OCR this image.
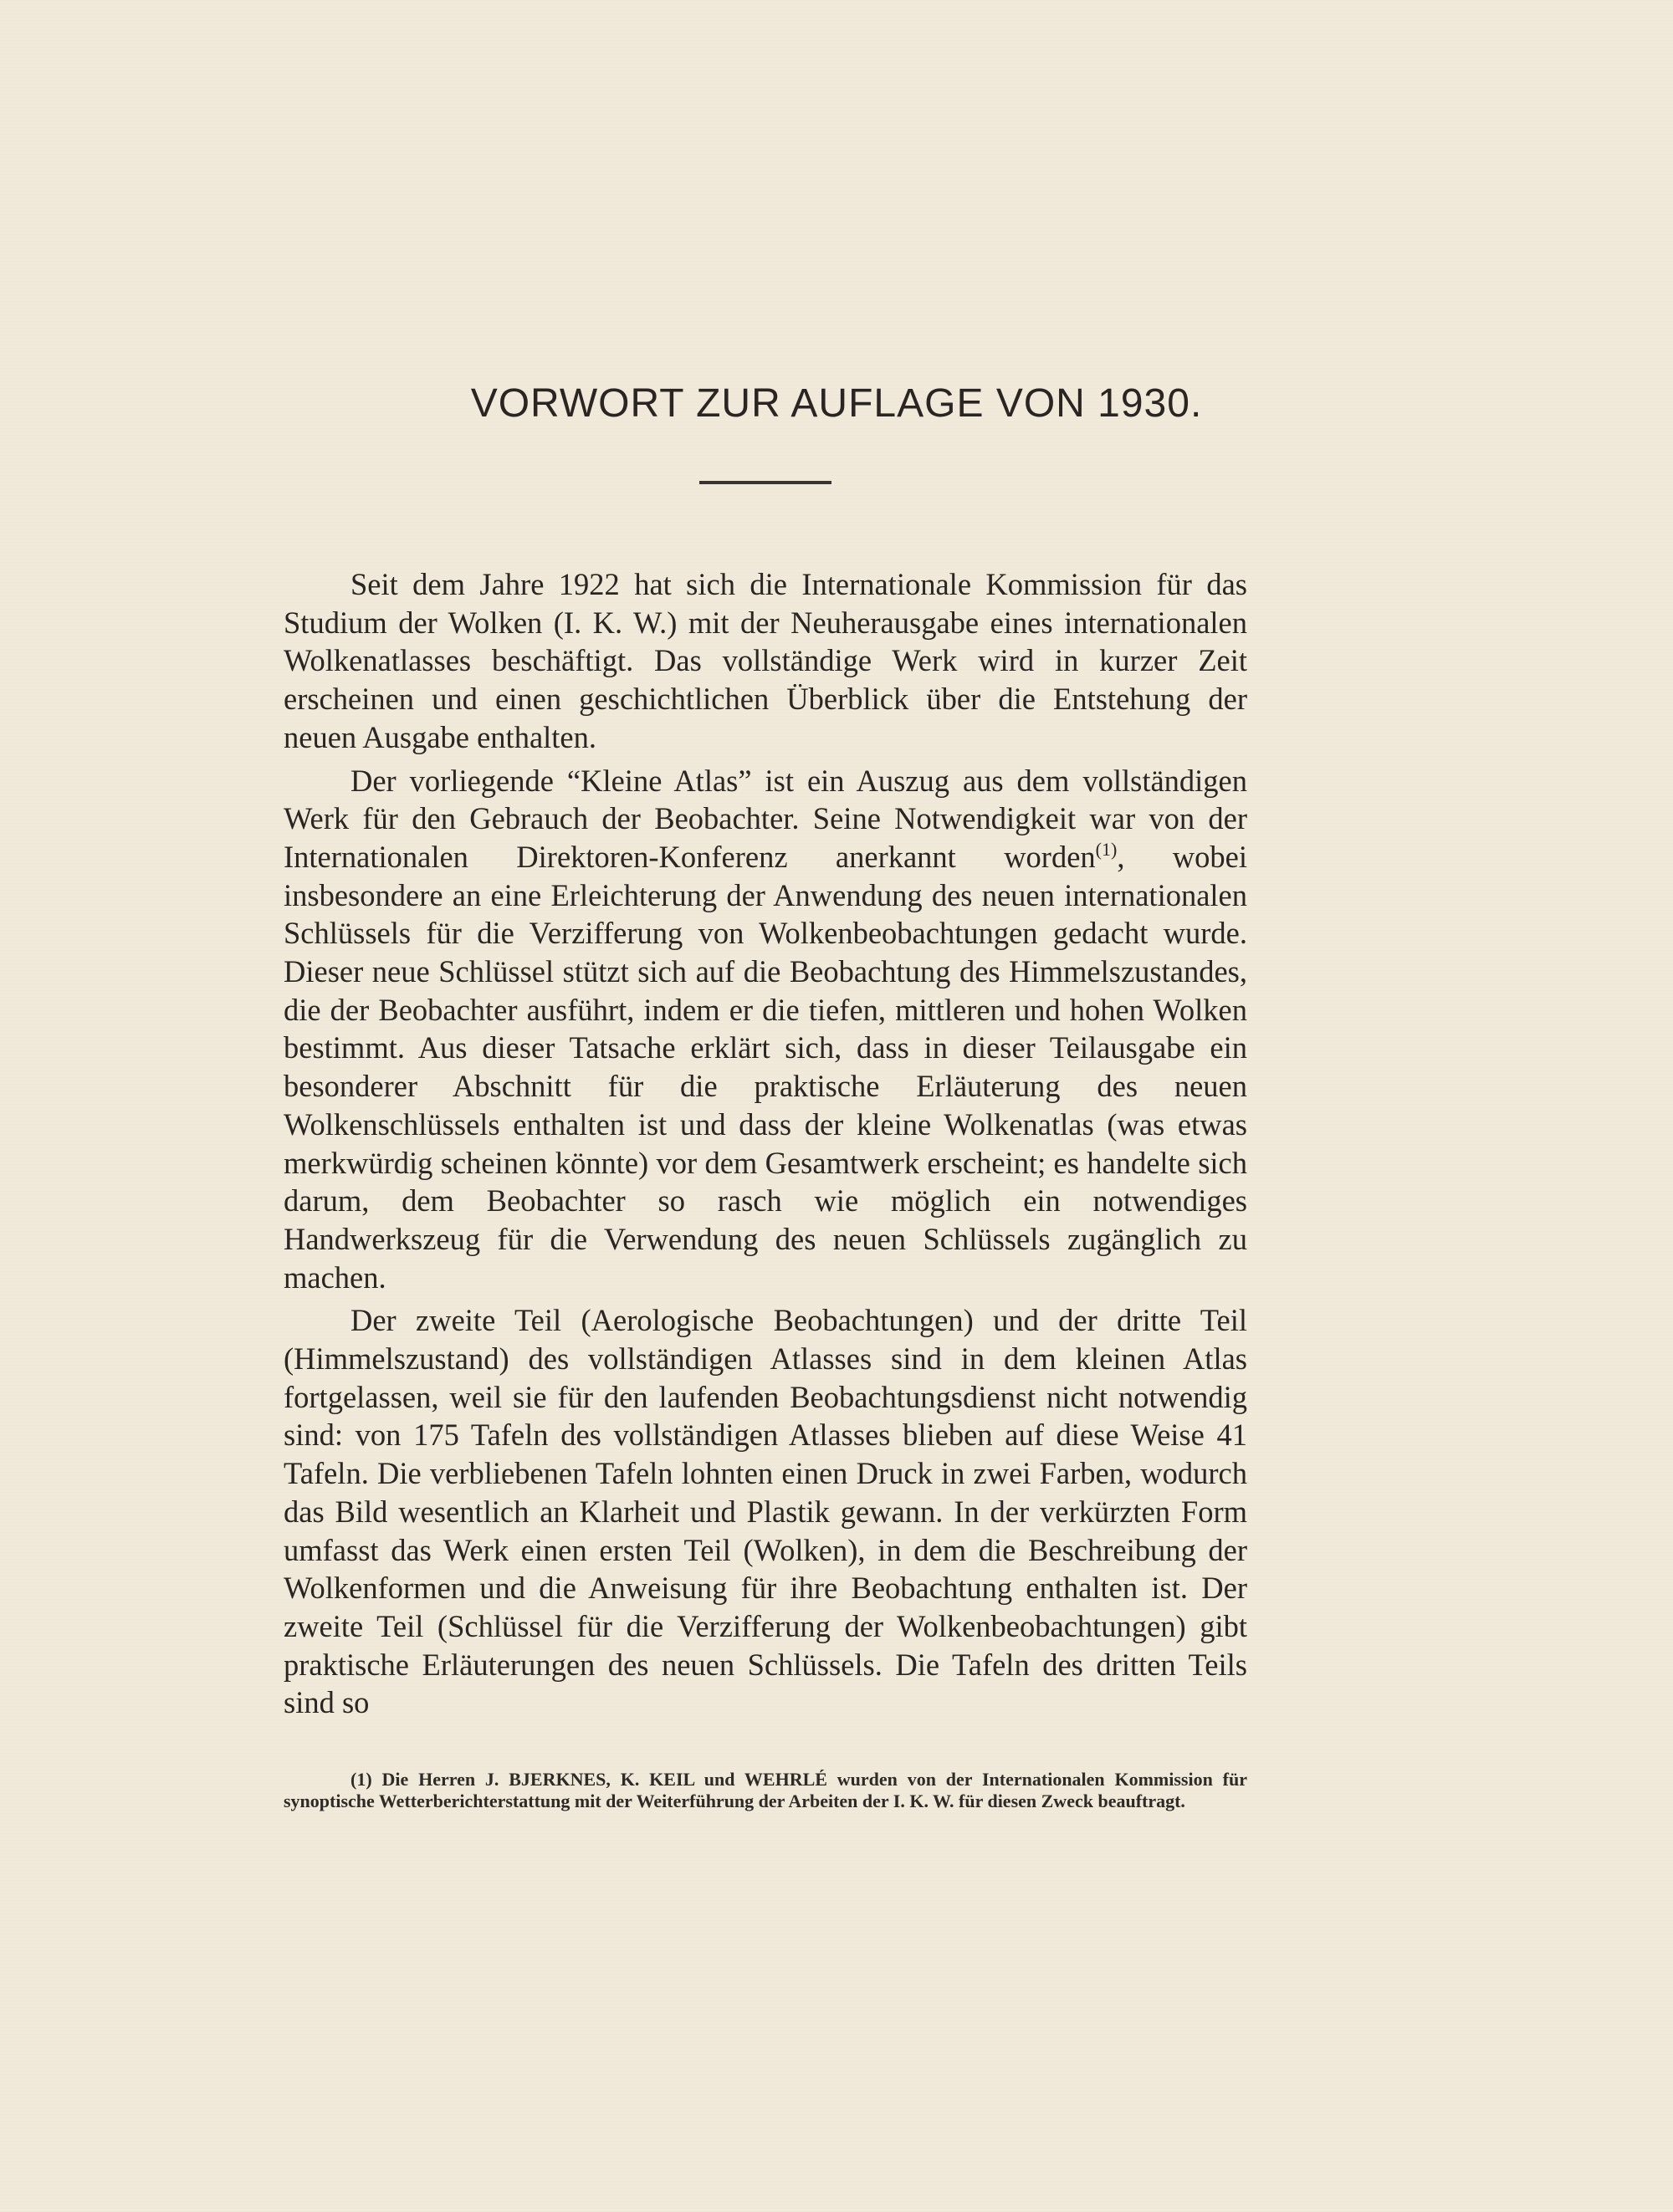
VORWORT ZUR AUFLAGE VON 1930.

Seit dem Jahre 1922 hat sich die Internationale Kommission für das Studium der Wolken (I. K. W.) mit der Neuherausgabe eines internationalen Wolkenatlasses beschäftigt. Das vollständige Werk wird in kurzer Zeit erscheinen und einen geschichtlichen Überblick über die Entstehung der neuen Ausgabe enthalten.

Der vorliegende “Kleine Atlas” ist ein Auszug aus dem vollständigen Werk für den Gebrauch der Beobachter. Seine Notwendigkeit war von der Internationalen Direktoren-Konferenz anerkannt worden$^{(1)}$, wobei insbesondere an eine Erleichterung der Anwendung des neuen internationalen Schlüssels für die Verzifferung von Wolkenbeobachtungen gedacht wurde. Dieser neue Schlüssel stützt sich auf die Beobachtung des Himmelszustandes, die der Beobachter ausführt, indem er die tiefen, mittleren und hohen Wolken bestimmt. Aus dieser Tatsache erklärt sich, dass in dieser Teilausgabe ein besonderer Abschnitt für die praktische Erläuterung des neuen Wolkenschlüssels enthalten ist und dass der kleine Wolkenatlas (was etwas merkwürdig scheinen könnte) vor dem Gesamtwerk erscheint; es handelte sich darum, dem Beobachter so rasch wie möglich ein notwendiges Handwerkszeug für die Verwendung des neuen Schlüssels zugänglich zu machen.

Der zweite Teil (Aerologische Beobachtungen) und der dritte Teil (Himmelszustand) des vollständigen Atlasses sind in dem kleinen Atlas fortgelassen, weil sie für den laufenden Beobachtungsdienst nicht notwendig sind: von 175 Tafeln des vollständigen Atlasses blieben auf diese Weise 41 Tafeln. Die verbliebenen Tafeln lohnten einen Druck in zwei Farben, wodurch das Bild wesentlich an Klarheit und Plastik gewann. In der verkürzten Form umfasst das Werk einen ersten Teil (Wolken), in dem die Beschreibung der Wolkenformen und die Anweisung für ihre Beobachtung enthalten ist. Der zweite Teil (Schlüssel für die Verzifferung der Wolkenbeobachtungen) gibt praktische Erläuterungen des neuen Schlüssels. Die Tafeln des dritten Teils sind so

(1) Die Herren J. BJERKNES, K. KEIL und WEHRLÉ wurden von der Internationalen Kommission für synoptische Wetterberichterstattung mit der Weiterführung der Arbeiten der I. K. W. für diesen Zweck beauftragt.
